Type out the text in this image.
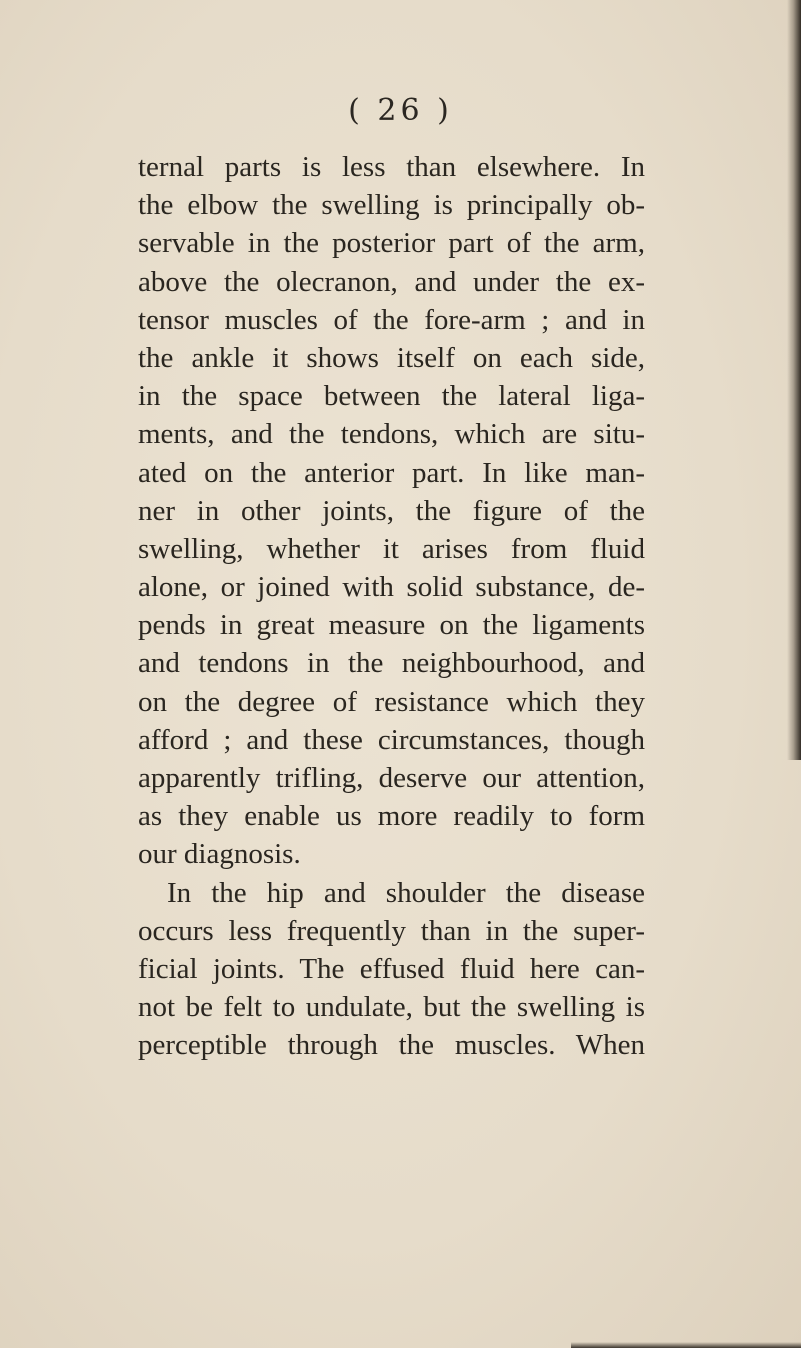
( 26 )
ternal parts is less than elsewhere. In
the elbow the swelling is principally ob-
servable in the posterior part of the arm,
above the olecranon, and under the ex-
tensor muscles of the fore-arm ; and in
the ankle it shows itself on each side,
in the space between the lateral liga-
ments, and the tendons, which are situ-
ated on the anterior part. In like man-
ner in other joints, the figure of the
swelling, whether it arises from fluid
alone, or joined with solid substance, de-
pends in great measure on the ligaments
and tendons in the neighbourhood, and
on the degree of resistance which they
afford ; and these circumstances, though
apparently trifling, deserve our attention,
as they enable us more readily to form
our diagnosis.
In the hip and shoulder the disease
occurs less frequently than in the super-
ficial joints. The effused fluid here can-
not be felt to undulate, but the swelling is
perceptible through the muscles. When
